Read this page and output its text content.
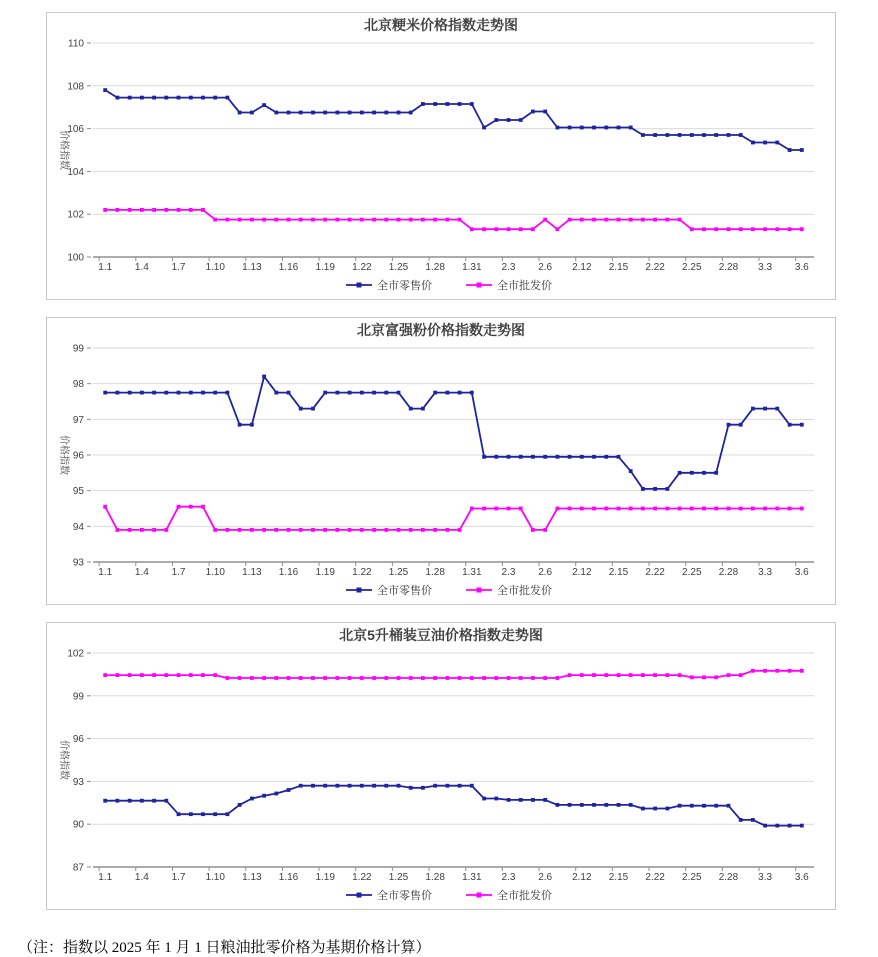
北京粳米价格指数走势图
价格指数
100
102
104
106
108
110
1.1 1.4 1.7 1.10 1.13 1.16 1.19 1.22 1.25 1.28 1.31 2.3 2.6 2.12 2.15 2.22 2.25 2.28 3.3 3.6
全市零售价	全市批发价
北京富强粉价格指数走势图
价格指数
93
94
95
96
97
98
99
1.1 1.4 1.7 1.10 1.13 1.16 1.19 1.22 1.25 1.28 1.31 2.3 2.6 2.12 2.15 2.22 2.25 2.28 3.3 3.6
全市零售价	全市批发价
北京5升桶装豆油价格指数走势图
价格指数
87
90
93
96
99
102
1.1 1.4 1.7 1.10 1.13 1.16 1.19 1.22 1.25 1.28 1.31 2.3 2.6 2.12 2.15 2.22 2.25 2.28 3.3 3.6
全市零售价	全市批发价

（注：指数以 2025 年 1 月 1 日粮油批零价格为基期价格计算）
